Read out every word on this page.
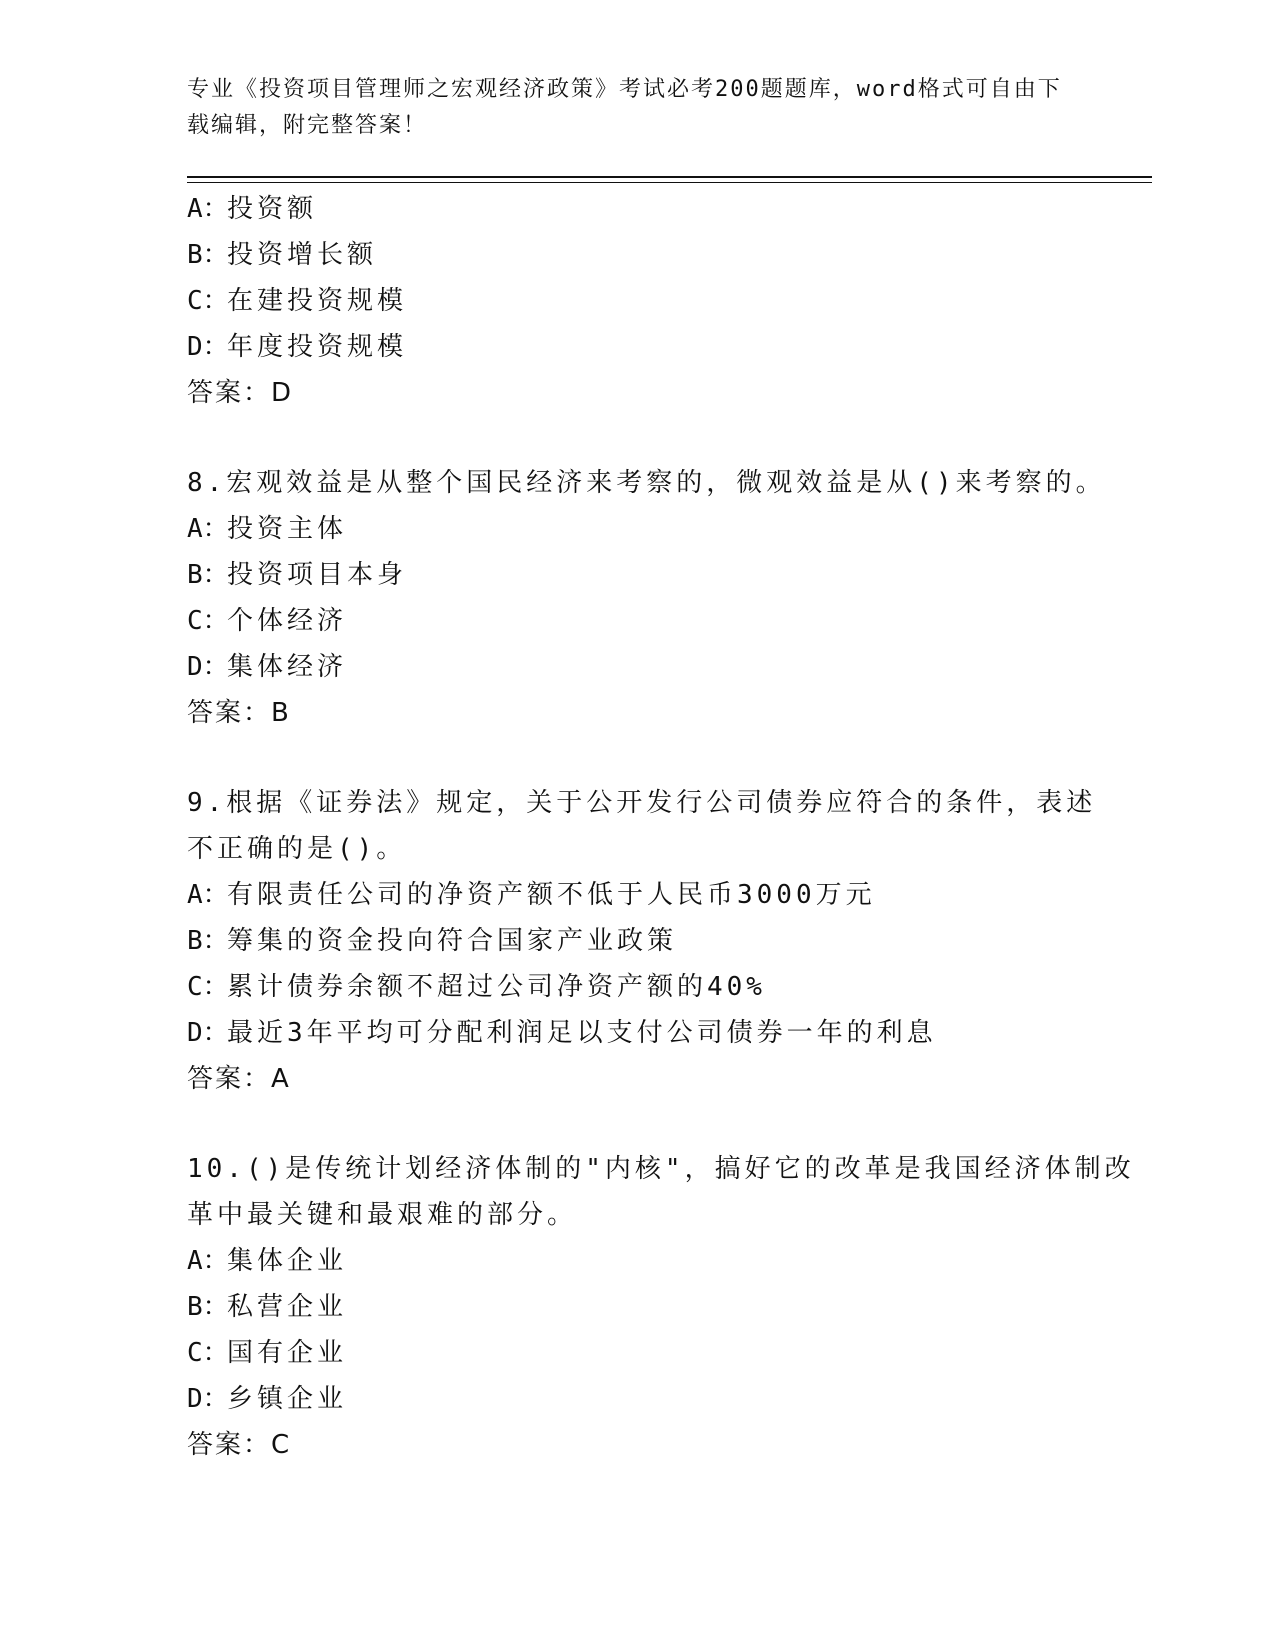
专业《投资项目管理师之宏观经济政策》考试必考200题题库，word格式可自由下载编辑，附完整答案！
A：投资额
B：投资增长额
C：在建投资规模
D：年度投资规模
答案：D
8.宏观效益是从整个国民经济来考察的，微观效益是从()来考察的。
A：投资主体
B：投资项目本身
C：个体经济
D：集体经济
答案：B
9.根据《证券法》规定，关于公开发行公司债券应符合的条件，表述
不正确的是()。
A：有限责任公司的净资产额不低于人民币3000万元
B：筹集的资金投向符合国家产业政策
C：累计债券余额不超过公司净资产额的40%
D：最近3年平均可分配利润足以支付公司债券一年的利息
答案：A
10.()是传统计划经济体制的"内核"，搞好它的改革是我国经济体制改
革中最关键和最艰难的部分。
A：集体企业
B：私营企业
C：国有企业
D：乡镇企业
答案：C
